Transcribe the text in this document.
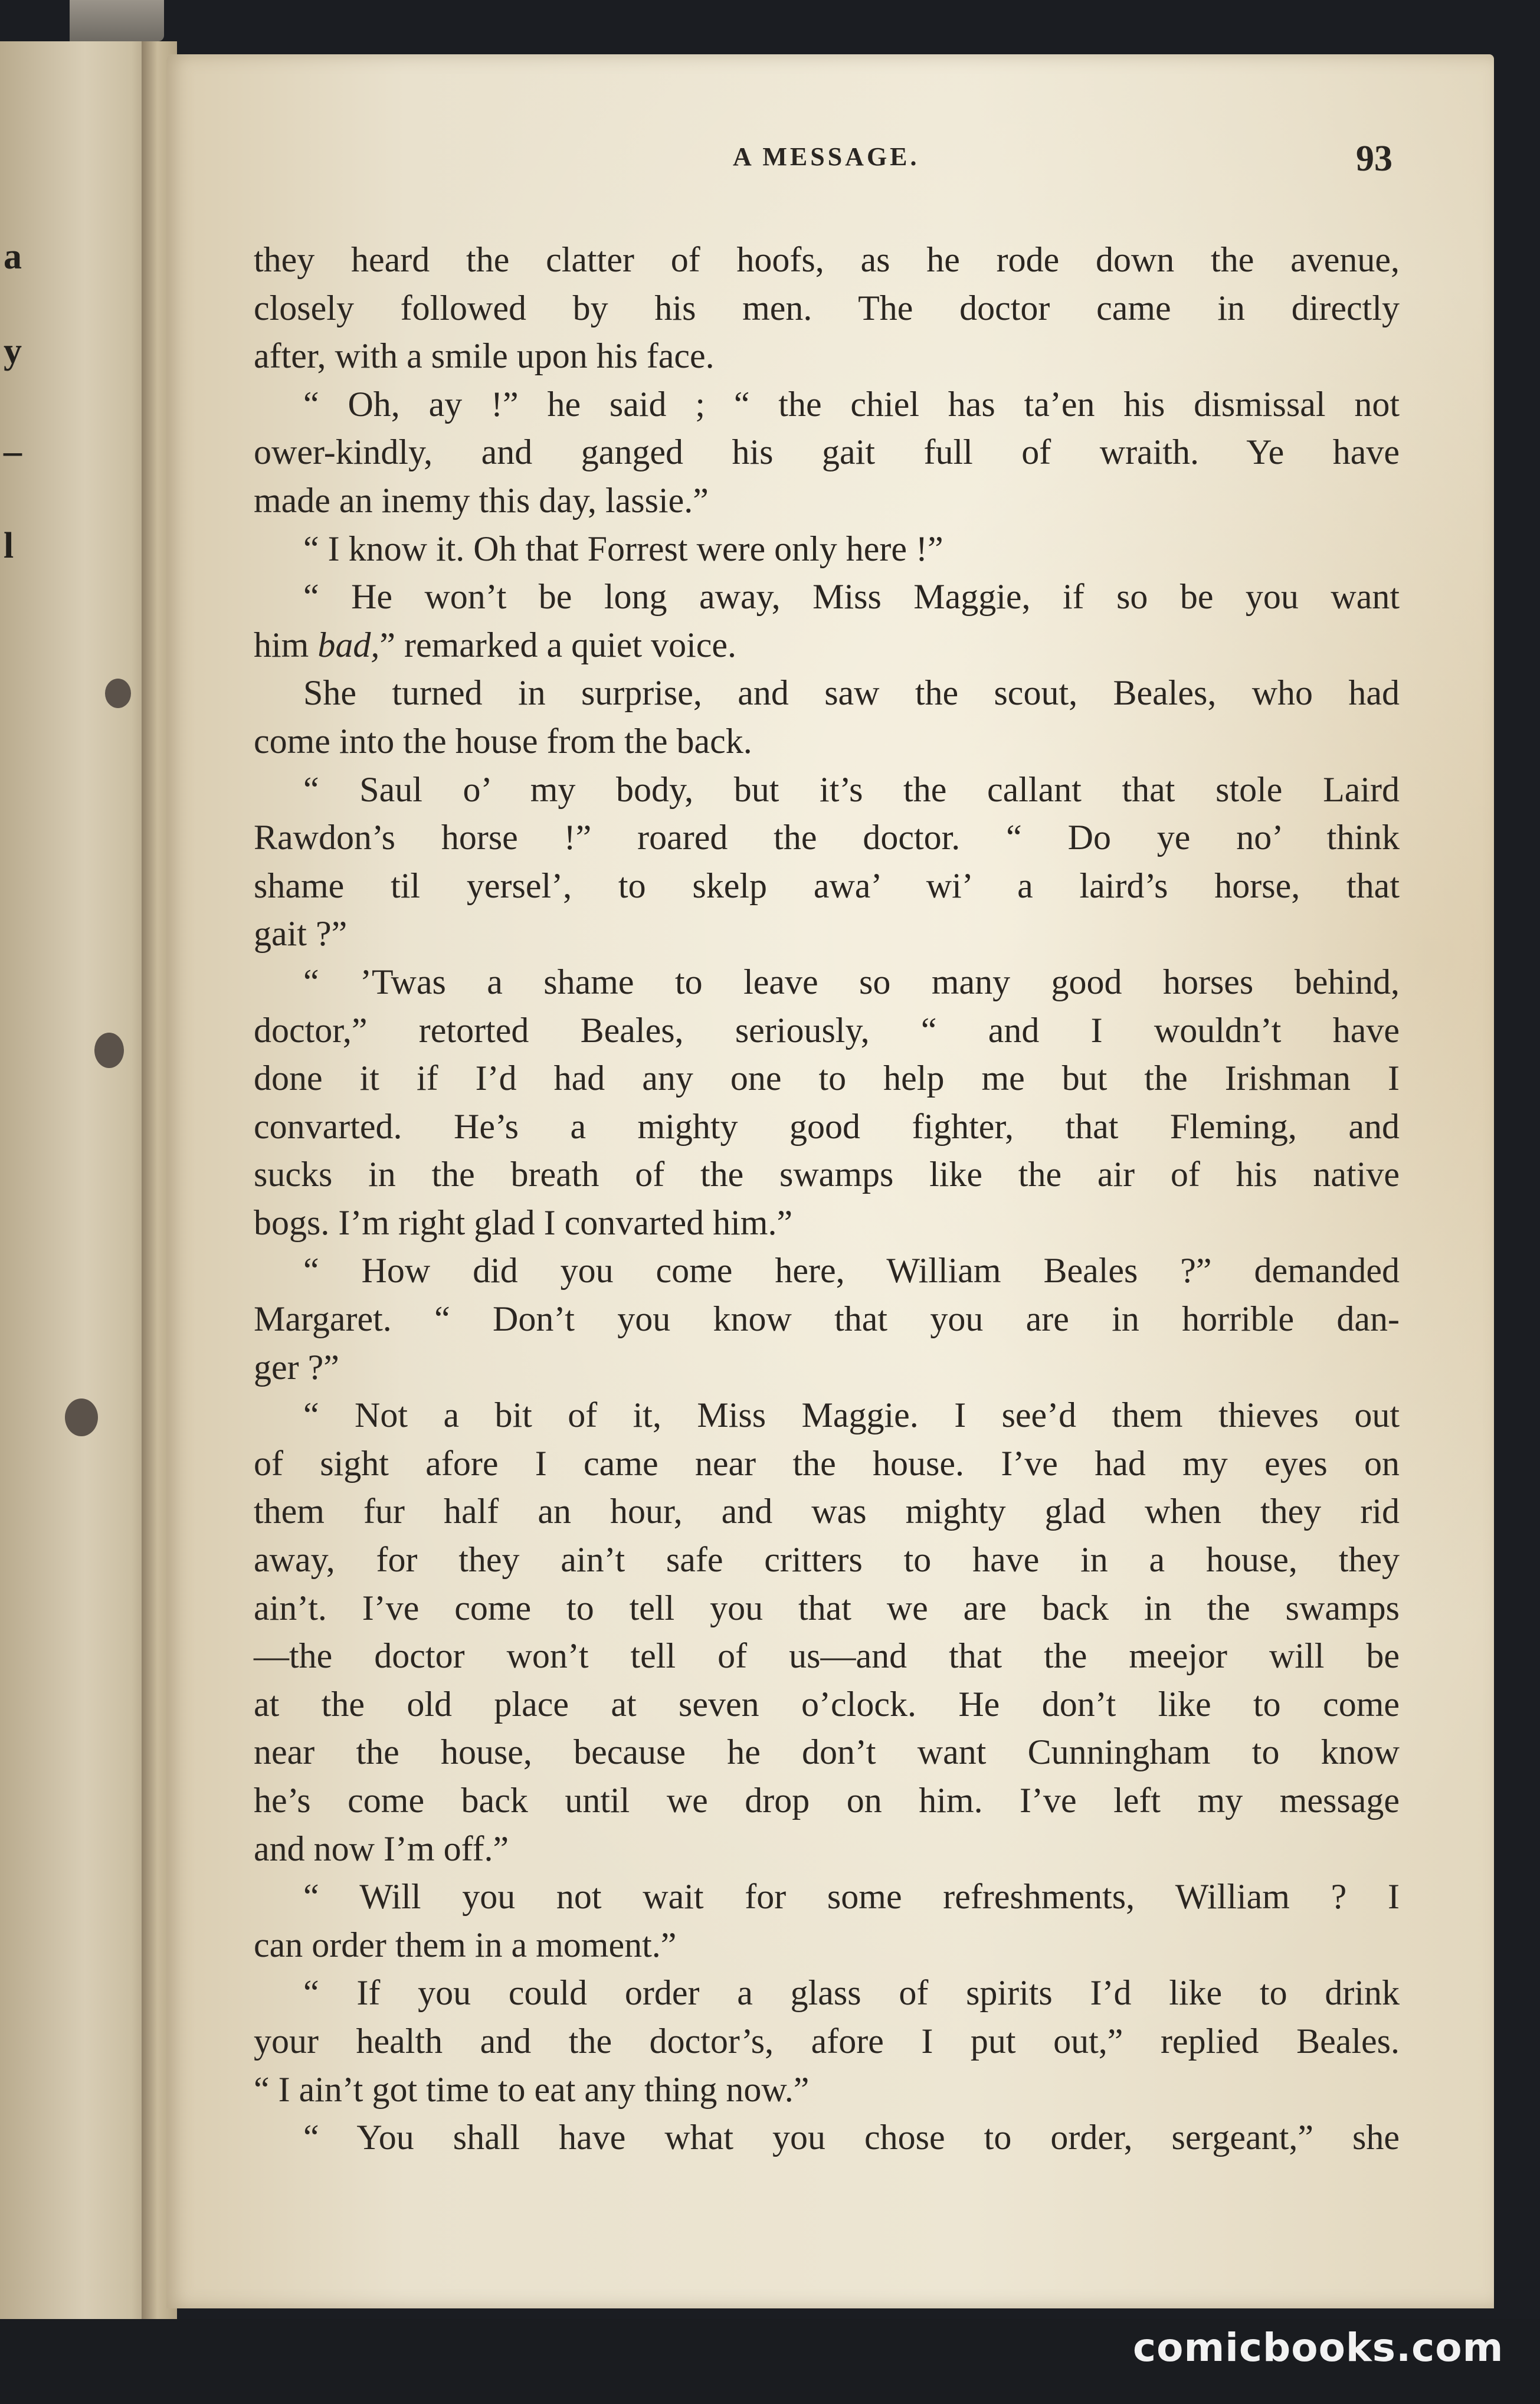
a
y
–
l
A MESSAGE.	93
they heard the clatter of hoofs, as he rode down the avenue,
closely followed by his men. The doctor came in directly
after, with a smile upon his face.
“ Oh, ay !” he said ; “ the chiel has ta’en his dismissal not
ower-kindly, and ganged his gait full of wraith. Ye have
made an inemy this day, lassie.”
“ I know it. Oh that Forrest were only here !”
“ He won’t be long away, Miss Maggie, if so be you want
him bad,” remarked a quiet voice.
She turned in surprise, and saw the scout, Beales, who had
come into the house from the back.
“ Saul o’ my body, but it’s the callant that stole Laird
Rawdon’s horse !” roared the doctor. “ Do ye no’ think
shame til yersel’, to skelp awa’ wi’ a laird’s horse, that
gait ?”
“ ’Twas a shame to leave so many good horses behind,
doctor,” retorted Beales, seriously, “ and I wouldn’t have
done it if I’d had any one to help me but the Irishman I
convarted. He’s a mighty good fighter, that Fleming, and
sucks in the breath of the swamps like the air of his native
bogs. I’m right glad I convarted him.”
“ How did you come here, William Beales ?” demanded
Margaret. “ Don’t you know that you are in horrible dan-
ger ?”
“ Not a bit of it, Miss Maggie. I see’d them thieves out
of sight afore I came near the house. I’ve had my eyes on
them fur half an hour, and was mighty glad when they rid
away, for they ain’t safe critters to have in a house, they
ain’t. I’ve come to tell you that we are back in the swamps
—the doctor won’t tell of us—and that the meejor will be
at the old place at seven o’clock. He don’t like to come
near the house, because he don’t want Cunningham to know
he’s come back until we drop on him. I’ve left my message
and now I’m off.”
“ Will you not wait for some refreshments, William ? I
can order them in a moment.”
“ If you could order a glass of spirits I’d like to drink
your health and the doctor’s, afore I put out,” replied Beales.
“ I ain’t got time to eat any thing now.”
“ You shall have what you chose to order, sergeant,” she
comicbooks.com
